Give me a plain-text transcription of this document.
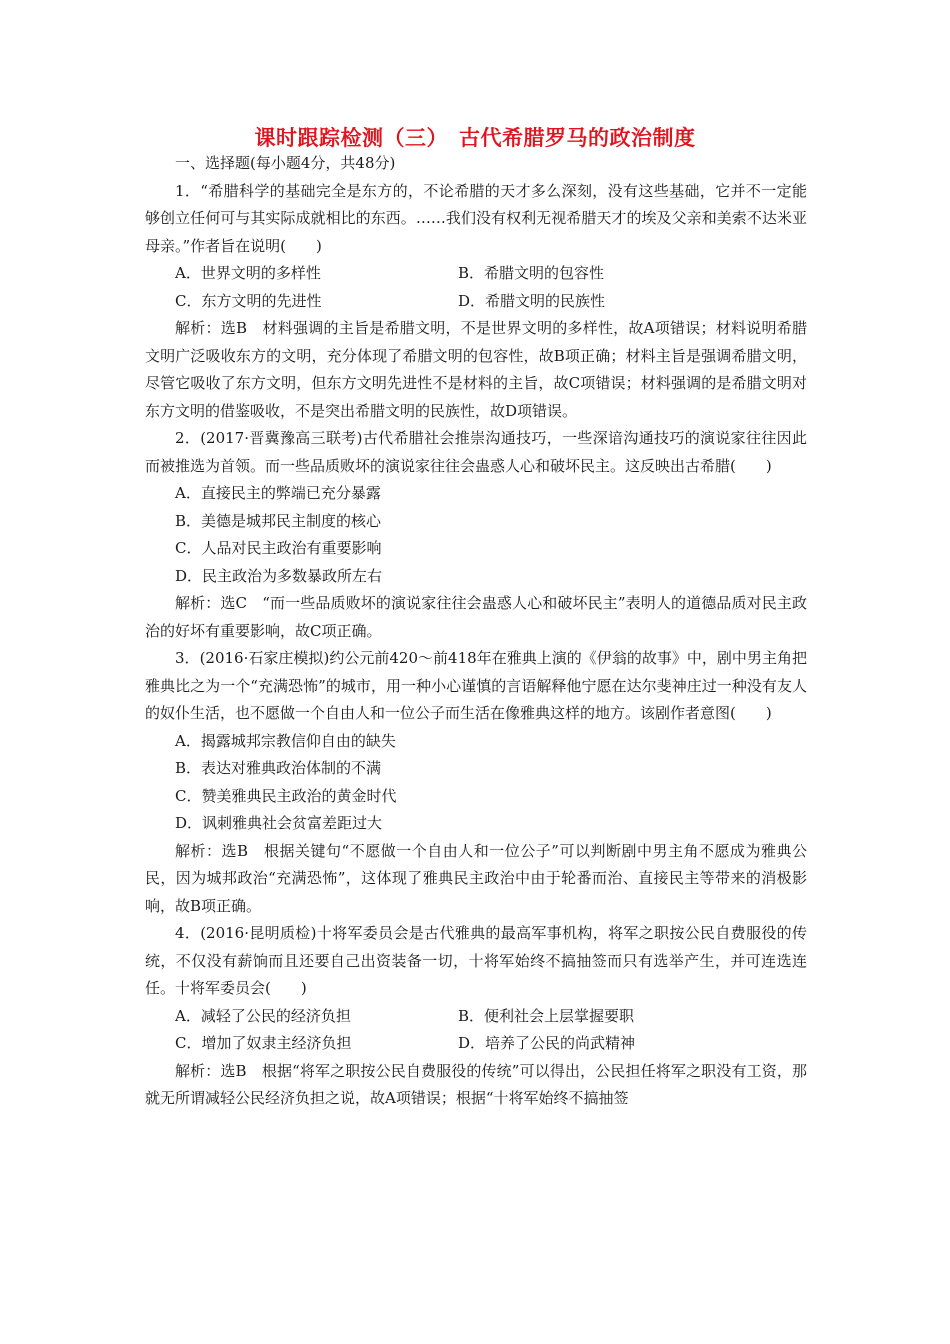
课时跟踪检测（三）　古代希腊罗马的政治制度

一、选择题(每小题4分，共48分)

1．“希腊科学的基础完全是东方的，不论希腊的天才多么深刻，没有这些基础，它并不一定能够创立任何可与其实际成就相比的东西。……我们没有权利无视希腊天才的埃及父亲和美索不达米亚母亲。”作者旨在说明(　　)

A．世界文明的多样性	B．希腊文明的包容性
C．东方文明的先进性	D．希腊文明的民族性

解析：选B　材料强调的主旨是希腊文明，不是世界文明的多样性，故A项错误；材料说明希腊文明广泛吸收东方的文明，充分体现了希腊文明的包容性，故B项正确；材料主旨是强调希腊文明，尽管它吸收了东方文明，但东方文明先进性不是材料的主旨，故C项错误；材料强调的是希腊文明对东方文明的借鉴吸收，不是突出希腊文明的民族性，故D项错误。

2．(2017·晋冀豫高三联考)古代希腊社会推崇沟通技巧，一些深谙沟通技巧的演说家往往因此而被推选为首领。而一些品质败坏的演说家往往会蛊惑人心和破坏民主。这反映出古希腊(　　)

A．直接民主的弊端已充分暴露

B．美德是城邦民主制度的核心

C．人品对民主政治有重要影响

D．民主政治为多数暴政所左右

解析：选C　“而一些品质败坏的演说家往往会蛊惑人心和破坏民主”表明人的道德品质对民主政治的好坏有重要影响，故C项正确。

3．(2016·石家庄模拟)约公元前420～前418年在雅典上演的《伊翁的故事》中，剧中男主角把雅典比之为一个“充满恐怖”的城市，用一种小心谨慎的言语解释他宁愿在达尔斐神庄过一种没有友人的奴仆生活，也不愿做一个自由人和一位公子而生活在像雅典这样的地方。该剧作者意图(　　)

A．揭露城邦宗教信仰自由的缺失

B．表达对雅典政治体制的不满

C．赞美雅典民主政治的黄金时代

D．讽刺雅典社会贫富差距过大

解析：选B　根据关键句“不愿做一个自由人和一位公子”可以判断剧中男主角不愿成为雅典公民，因为城邦政治“充满恐怖”，这体现了雅典民主政治中由于轮番而治、直接民主等带来的消极影响，故B项正确。

4．(2016·昆明质检)十将军委员会是古代雅典的最高军事机构，将军之职按公民自费服役的传统，不仅没有薪饷而且还要自己出资装备一切，十将军始终不搞抽签而只有选举产生，并可连选连任。十将军委员会(　　)

A．减轻了公民的经济负担	B．便利社会上层掌握要职
C．增加了奴隶主经济负担	D．培养了公民的尚武精神

解析：选B　根据“将军之职按公民自费服役的传统”可以得出，公民担任将军之职没有工资，那就无所谓减轻公民经济负担之说，故A项错误；根据“十将军始终不搞抽签
